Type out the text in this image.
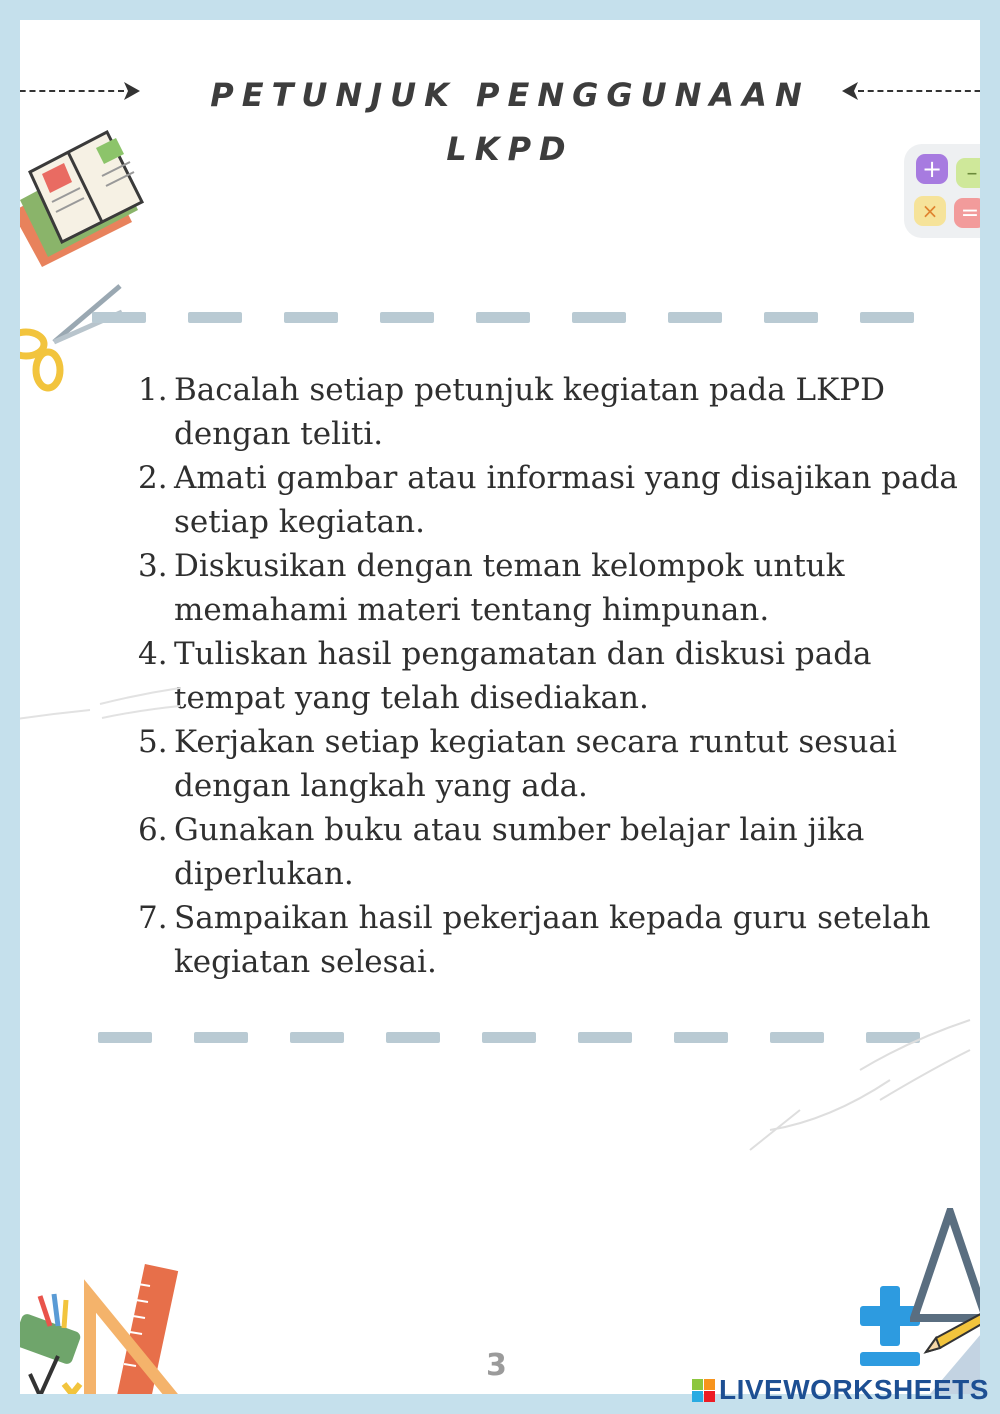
PETUNJUK PENGGUNAAN LKPD
+ –
× =
1. Bacalah setiap petunjuk kegiatan pada LKPD dengan teliti.
2. Amati gambar atau informasi yang disajikan pada setiap kegiatan.
3. Diskusikan dengan teman kelompok untuk memahami materi tentang himpunan.
4. Tuliskan hasil pengamatan dan diskusi pada tempat yang telah disediakan.
5. Kerjakan setiap kegiatan secara runtut sesuai dengan langkah yang ada.
6. Gunakan buku atau sumber belajar lain jika diperlukan.
7. Sampaikan hasil pekerjaan kepada guru setelah kegiatan selesai.
3
LIVEWORKSHEETS
